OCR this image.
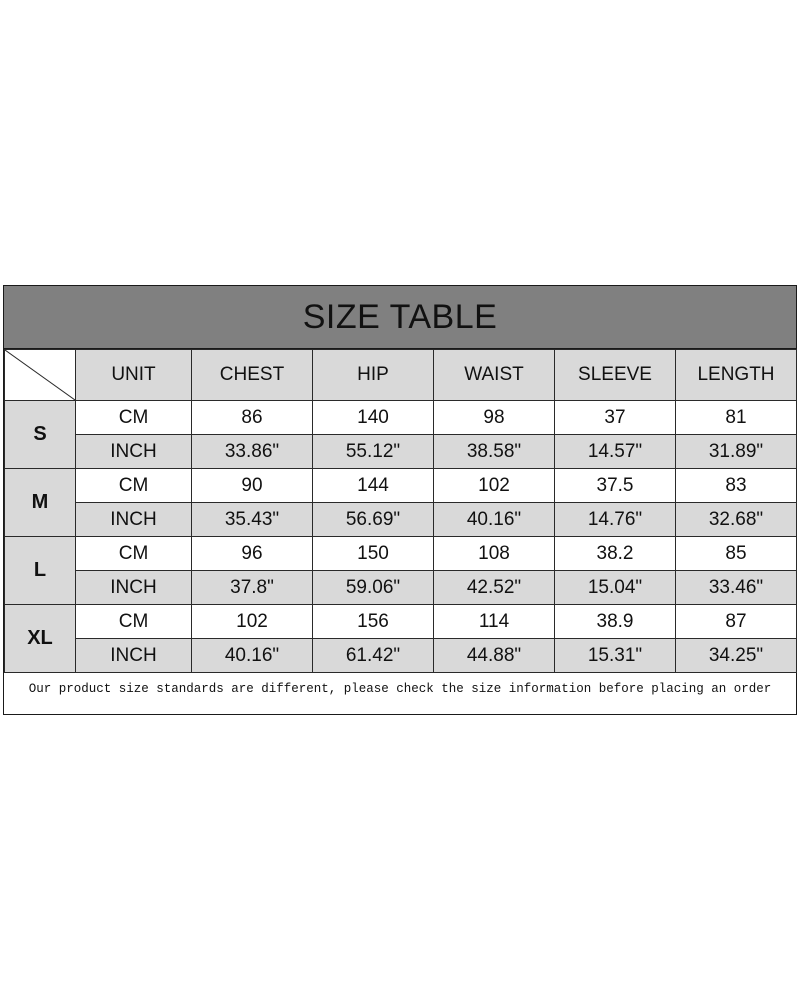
SIZE TABLE
	UNIT	CHEST	HIP	WAIST	SLEEVE	LENGTH
S	CM	86	140	98	37	81
	INCH	33.86"	55.12"	38.58"	14.57"	31.89"
M	CM	90	144	102	37.5	83
	INCH	35.43"	56.69"	40.16"	14.76"	32.68"
L	CM	96	150	108	38.2	85
	INCH	37.8"	59.06"	42.52"	15.04"	33.46"
XL	CM	102	156	114	38.9	87
	INCH	40.16"	61.42"	44.88"	15.31"	34.25"
Our product size standards are different, please check the size information before placing an order
